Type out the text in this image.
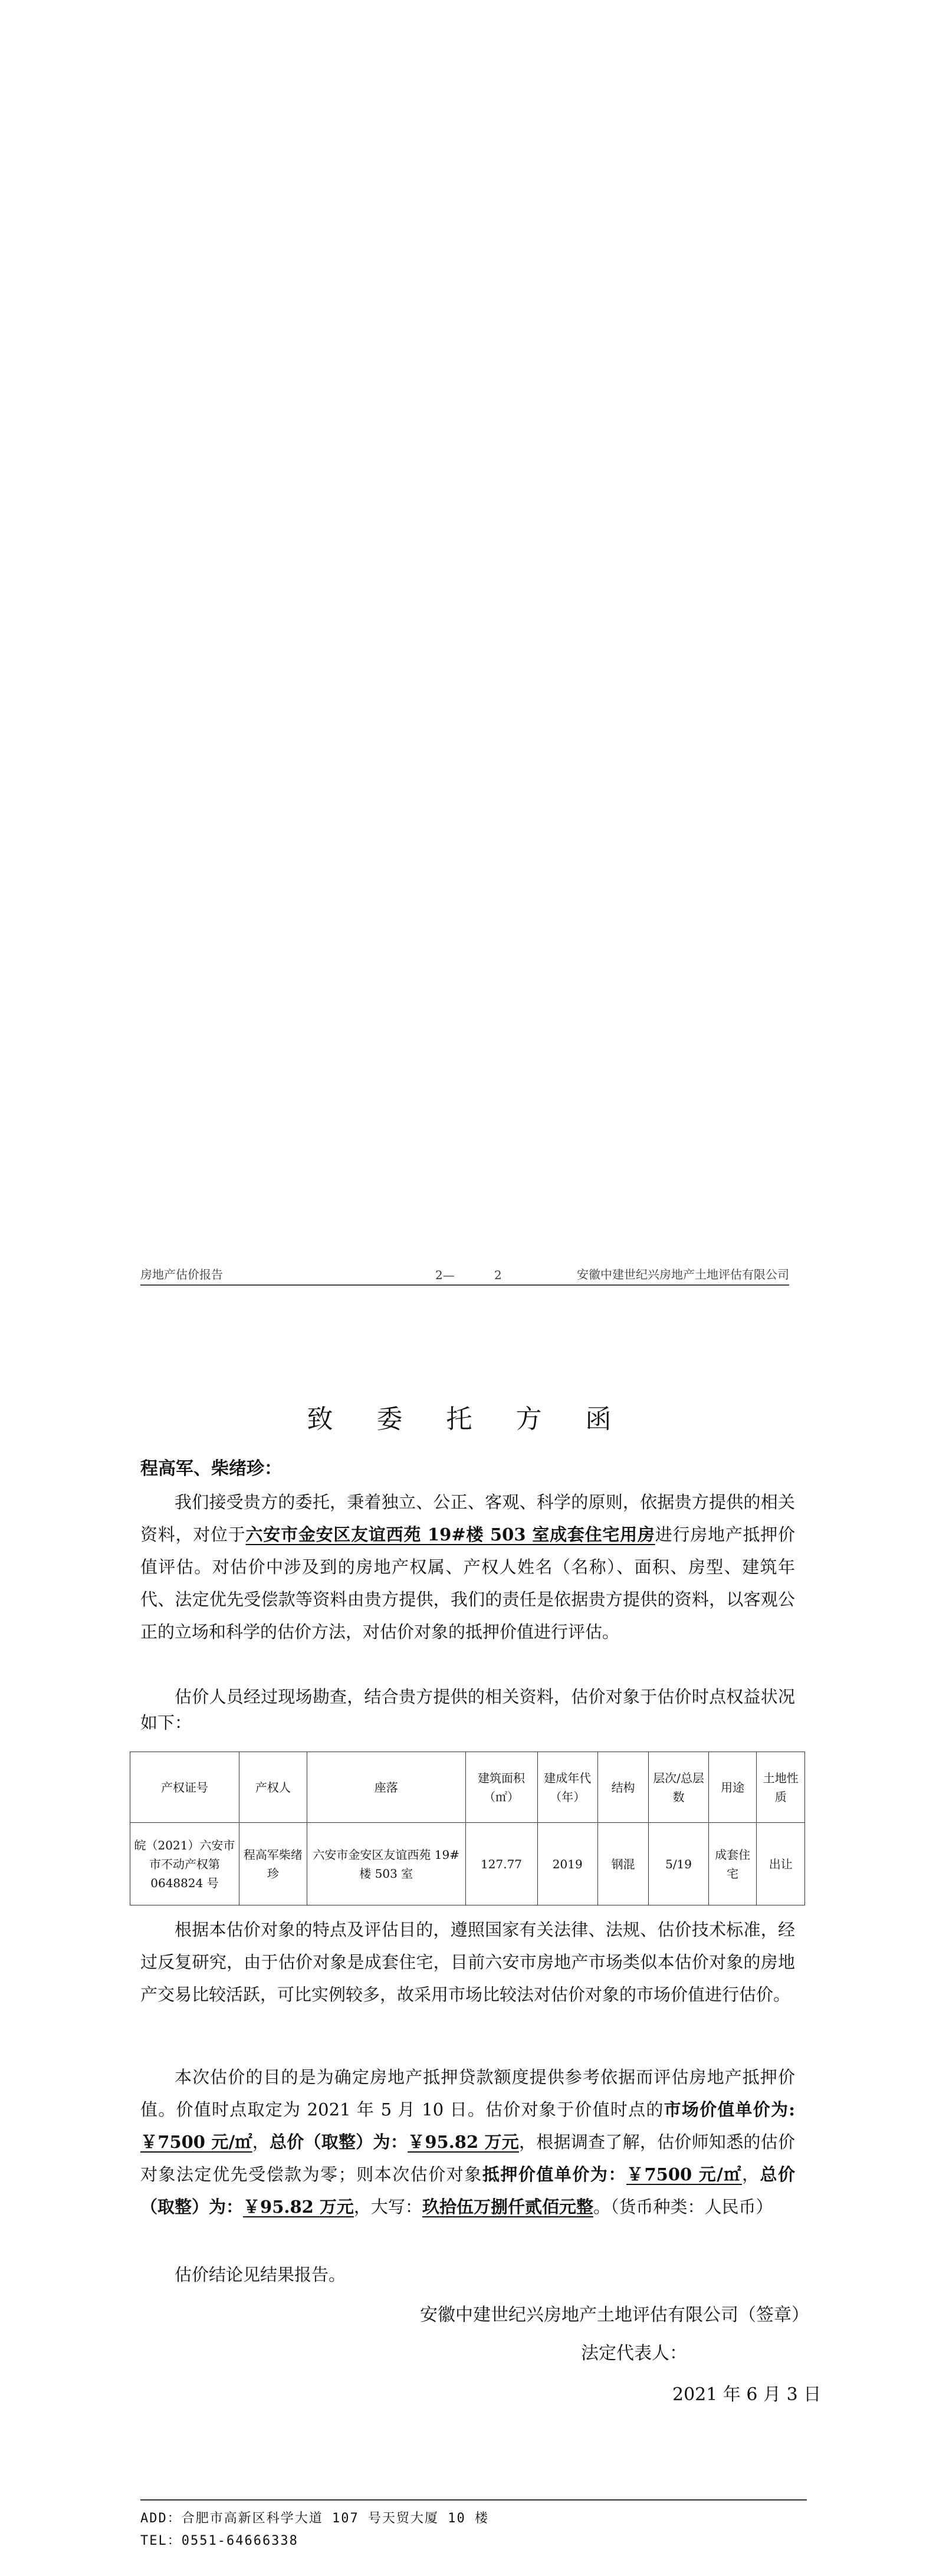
房地产估价报告	2—	2	安徽中建世纪兴房地产土地评估有限公司
致 委 托 方 函
程高军、柴绪珍：
我们接受贵方的委托，秉着独立、公正、客观、科学的原则，依据贵方提供的相关资料，对位于六安市金安区友谊西苑 19#楼 503 室成套住宅用房进行房地产抵押价值评估。对估价中涉及到的房地产权属、产权人姓名（名称）、面积、房型、建筑年代、法定优先受偿款等资料由贵方提供，我们的责任是依据贵方提供的资料，以客观公正的立场和科学的估价方法，对估价对象的抵押价值进行评估。
估价人员经过现场勘查，结合贵方提供的相关资料，估价对象于估价时点权益状况如下：
产权证号	产权人	座落	建筑面积（㎡）	建成年代（年）	结构	层次/总层数	用途	土地性质
皖（2021）六安市市不动产权第 0648824 号	程高军柴绪珍	六安市金安区友谊西苑 19#楼 503 室	127.77	2019	钢混	5/19	成套住宅	出让
根据本估价对象的特点及评估目的，遵照国家有关法律、法规、估价技术标准，经过反复研究，由于估价对象是成套住宅，目前六安市房地产市场类似本估价对象的房地产交易比较活跃，可比实例较多，故采用市场比较法对估价对象的市场价值进行估价。
本次估价的目的是为确定房地产抵押贷款额度提供参考依据而评估房地产抵押价值。价值时点取定为 2021 年 5 月 10 日。估价对象于价值时点的市场价值单价为:￥7500 元/㎡，总价（取整）为：￥95.82 万元，根据调查了解，估价师知悉的估价对象法定优先受偿款为零；则本次估价对象抵押价值单价为：￥7500 元/㎡，总价（取整）为：￥95.82 万元，大写：玖拾伍万捌仟贰佰元整。（货币种类：人民币）
估价结论见结果报告。
安徽中建世纪兴房地产土地评估有限公司（签章）
法定代表人：
2021 年 6 月 3 日
ADD：合肥市高新区科学大道 107 号天贸大厦 10 楼
TEL：0551-64666338
